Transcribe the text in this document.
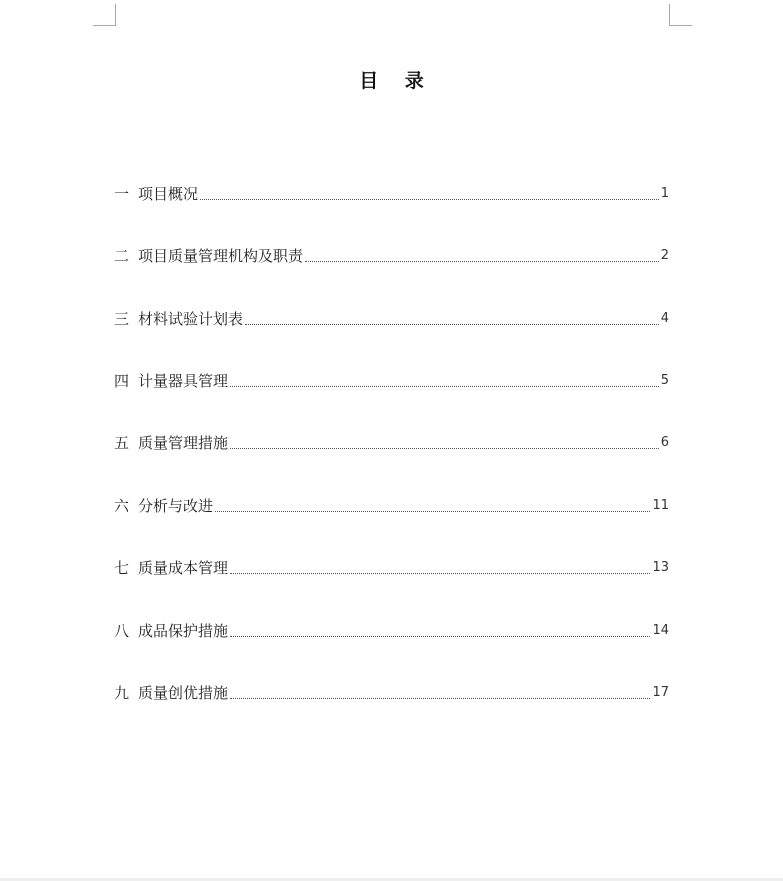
目 录
一 项目概况	1
二 项目质量管理机构及职责	2
三 材料试验计划表	4
四 计量器具管理	5
五 质量管理措施	6
六 分析与改进	11
七 质量成本管理	13
八 成品保护措施	14
九 质量创优措施	17
